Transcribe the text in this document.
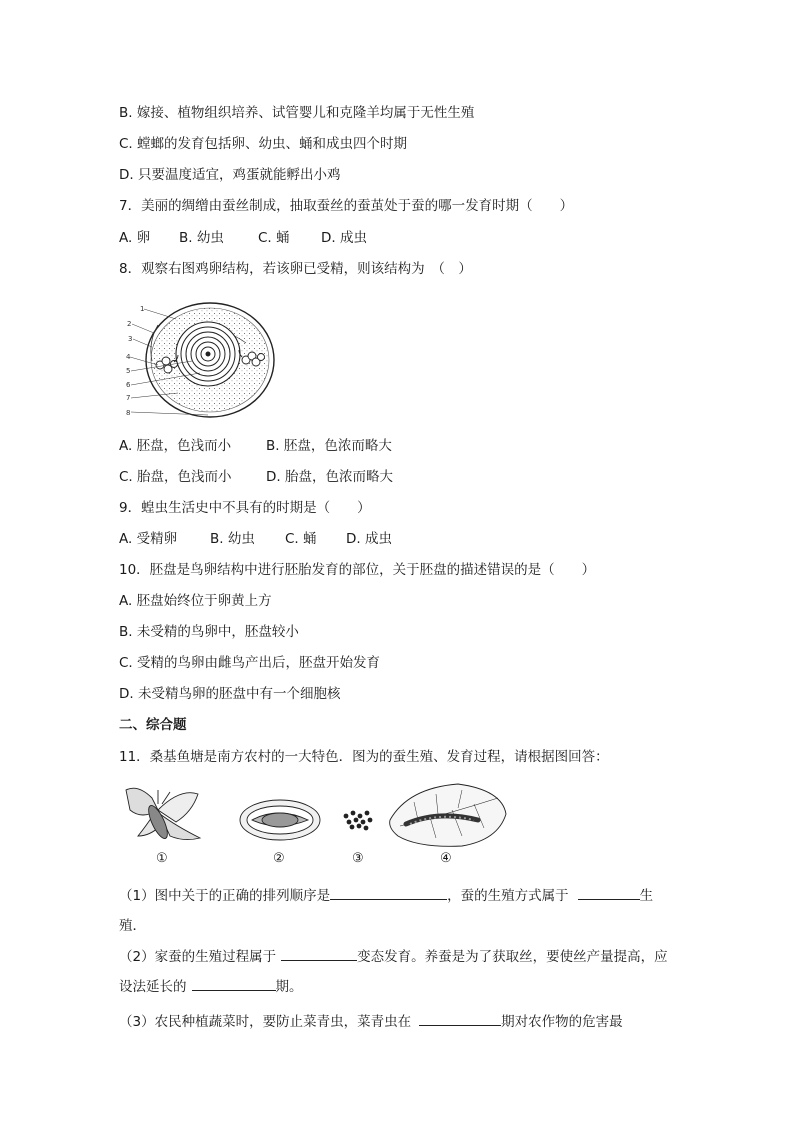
B. 嫁接、植物组织培养、试管婴儿和克隆羊均属于无性生殖
C. 螳螂的发育包括卵、幼虫、蛹和成虫四个时期
D. 只要温度适宜，鸡蛋就能孵出小鸡
7．美丽的绸缯由蚕丝制成，抽取蚕丝的蚕茧处于蚕的哪一发育时期（　　）
A. 卵 B. 幼虫	C. 蛹 D. 成虫
8．观察右图鸡卵结构，若该卵已受精，则该结构为　（　）
1
2
3
4
5
6
7
8
A. 胚盘，色浅而小	B. 胚盘，色浓而略大
C. 胎盘，色浅而小	D. 胎盘，色浓而略大
9．蝗虫生活史中不具有的时期是（　　）
A. 受精卵 B. 幼虫 C. 蛹 D. 成虫
10．胚盘是鸟卵结构中进行胚胎发育的部位，关于胚盘的描述错误的是（　　）
A. 胚盘始终位于卵黄上方
B. 未受精的鸟卵中，胚盘较小
C. 受精的鸟卵由雌鸟产出后，胚盘开始发育
D. 未受精鸟卵的胚盘中有一个细胞核
二、综合题
11．桑基鱼塘是南方农村的一大特色．图为的蚕生殖、发育过程，请根据图回答：
①	②	③	④
（1）图中关于的正确的排列顺序是	，蚕的生殖方式属于	生
殖．
（2）家蚕的生殖过程属于	变态发育。养蚕是为了获取丝，要使丝产量提高，应
设法延长的	期。
（3）农民种植蔬菜时，要防止菜青虫，菜青虫在	期对农作物的危害最
